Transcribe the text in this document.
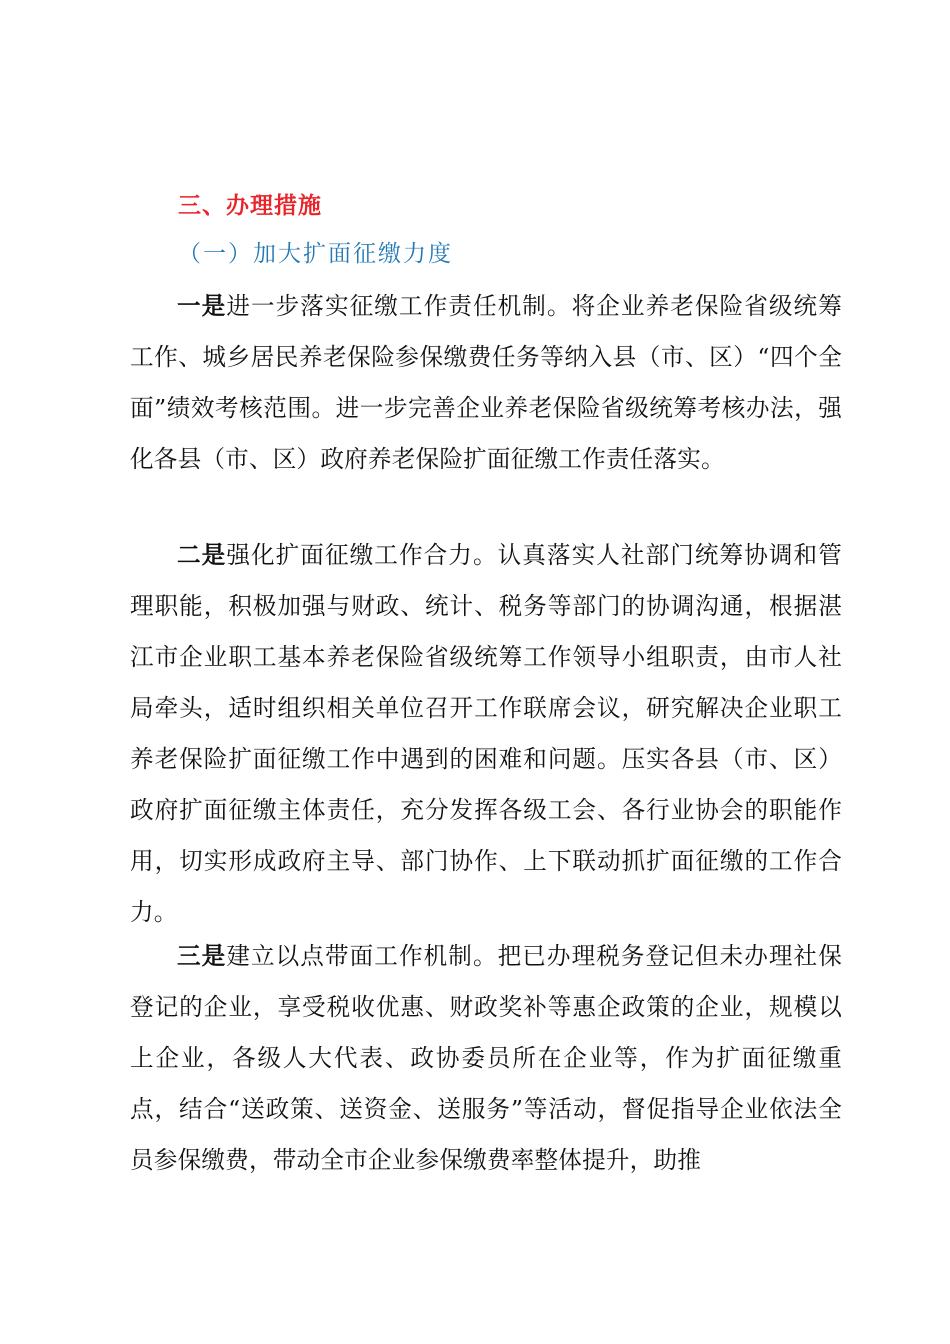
三、办理措施
（一）加大扩面征缴力度

一是进一步落实征缴工作责任机制。将企业养老保险省级统筹工作、城乡居民养老保险参保缴费任务等纳入县（市、区）“四个全面”绩效考核范围。进一步完善企业养老保险省级统筹考核办法，强化各县（市、区）政府养老保险扩面征缴工作责任落实。

二是强化扩面征缴工作合力。认真落实人社部门统筹协调和管理职能，积极加强与财政、统计、税务等部门的协调沟通，根据湛江市企业职工基本养老保险省级统筹工作领导小组职责，由市人社局牵头，适时组织相关单位召开工作联席会议，研究解决企业职工养老保险扩面征缴工作中遇到的困难和问题。压实各县（市、区）政府扩面征缴主体责任，充分发挥各级工会、各行业协会的职能作用，切实形成政府主导、部门协作、上下联动抓扩面征缴的工作合力。

三是建立以点带面工作机制。把已办理税务登记但未办理社保登记的企业，享受税收优惠、财政奖补等惠企政策的企业，规模以上企业，各级人大代表、政协委员所在企业等，作为扩面征缴重点，结合“送政策、送资金、送服务”等活动，督促指导企业依法全员参保缴费，带动全市企业参保缴费率整体提升，助推
